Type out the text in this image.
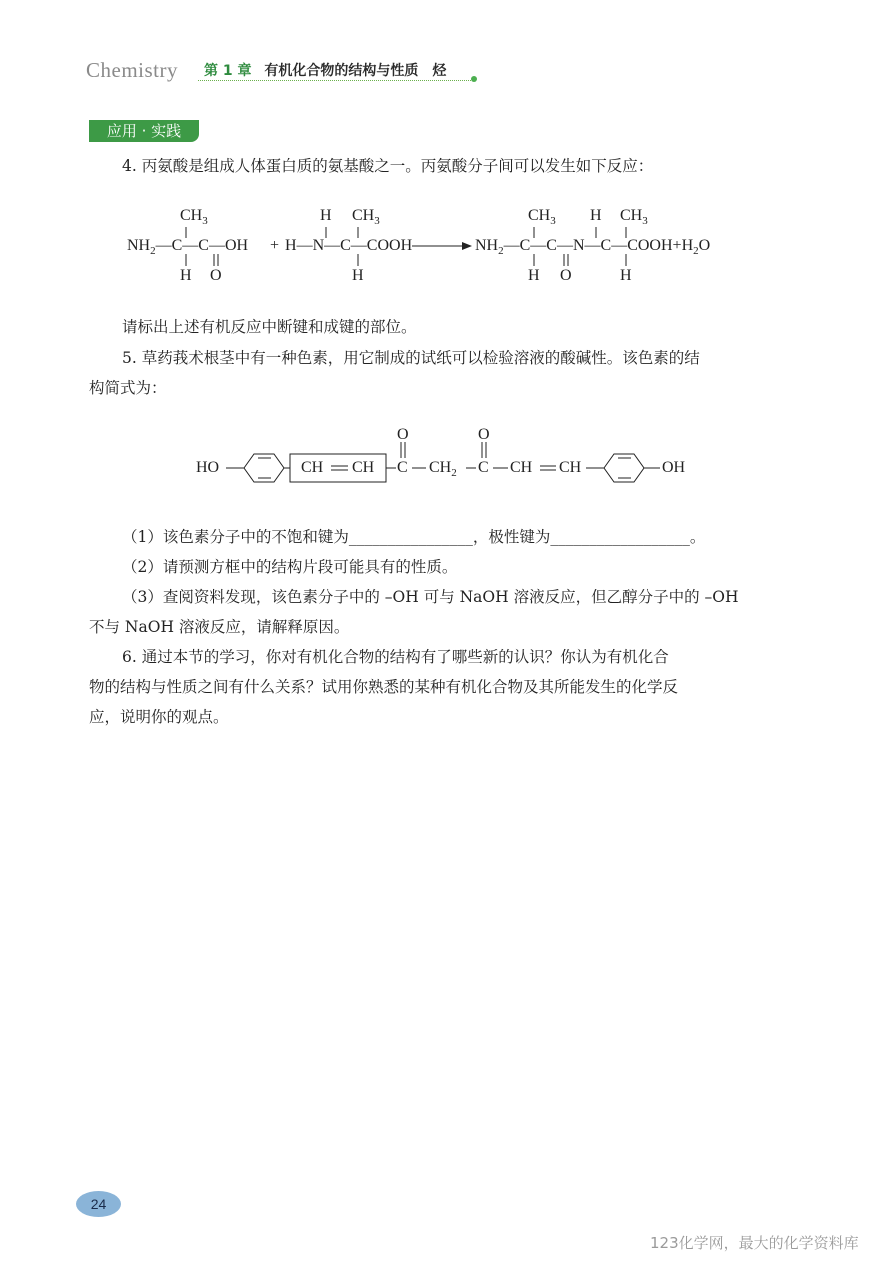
Chemistry 第 1 章 有机化合物的结构与性质　烃
应用 · 实践
4. 丙氨酸是组成人体蛋白质的氨基酸之一。丙氨酸分子间可以发生如下反应：
$CH_3$	$CH_3$	$CH_3$	$CH_3$
H	H
$NH_2—C—C—OH$ + H—N—C—COOH	$NH_2—C—C—N—C—COOH+H_2O$
H O	H	H O	H
请标出上述有机反应中断键和成键的部位。
5. 草药莪术根茎中有一种色素，用它制成的试纸可以检验溶液的酸碱性。该色素的结
构简式为：
HO	CH CH
O
C $CH_2$
O
C CH CH	OH
（1）该色素分子中的不饱和键为________________，极性键为__________________。
（2）请预测方框中的结构片段可能具有的性质。
（3）查阅资料发现，该色素分子中的 –OH 可与 NaOH 溶液反应，但乙醇分子中的 –OH
不与 NaOH 溶液反应，请解释原因。
6. 通过本节的学习，你对有机化合物的结构有了哪些新的认识？你认为有机化合
物的结构与性质之间有什么关系？试用你熟悉的某种有机化合物及其所能发生的化学反
应，说明你的观点。
24
123化学网，最大的化学资料库
